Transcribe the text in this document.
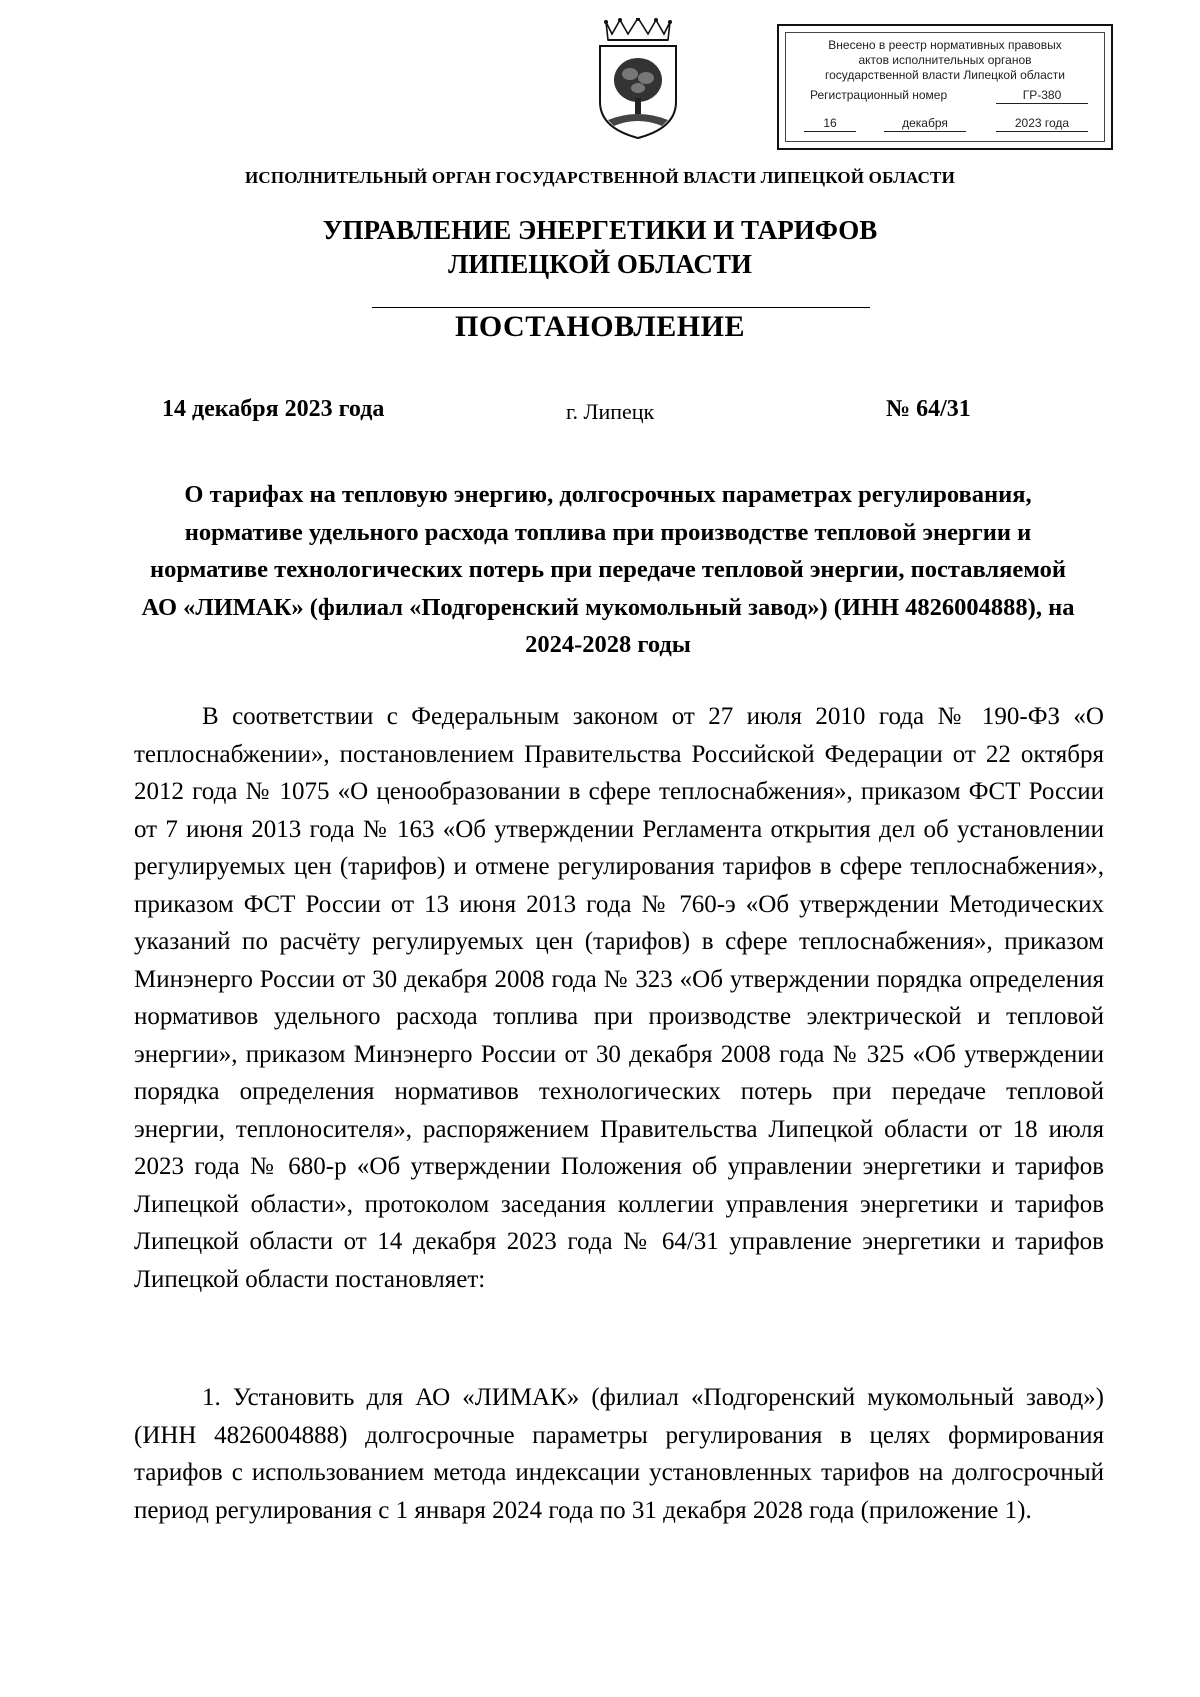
Внесено в реестр нормативных правовых
актов исполнительных органов
государственной власти Липецкой области
Регистрационный номер	ГР-380
16	декабря	2023 года
ИСПОЛНИТЕЛЬНЫЙ ОРГАН ГОСУДАРСТВЕННОЙ ВЛАСТИ ЛИПЕЦКОЙ ОБЛАСТИ
УПРАВЛЕНИЕ ЭНЕРГЕТИКИ И ТАРИФОВ
ЛИПЕЦКОЙ ОБЛАСТИ
ПОСТАНОВЛЕНИЕ
14 декабря 2023 года	г. Липецк	№ 64/31
О тарифах на тепловую энергию, долгосрочных параметрах регулирования, нормативе удельного расхода топлива при производстве тепловой энергии и нормативе технологических потерь при передаче тепловой энергии, поставляемой АО «ЛИМАК» (филиал «Подгоренский мукомольный завод») (ИНН 4826004888), на 2024-2028 годы

В соответствии с Федеральным законом от 27 июля 2010 года № 190-ФЗ «О теплоснабжении», постановлением Правительства Российской Федерации от 22 октября 2012 года № 1075 «О ценообразовании в сфере теплоснабжения», приказом ФСТ России от 7 июня 2013 года № 163 «Об утверждении Регламента открытия дел об установлении регулируемых цен (тарифов) и отмене регулирования тарифов в сфере теплоснабжения», приказом ФСТ России от 13 июня 2013 года № 760-э «Об утверждении Методических указаний по расчёту регулируемых цен (тарифов) в сфере теплоснабжения», приказом Минэнерго России от 30 декабря 2008 года № 323 «Об утверждении порядка определения нормативов удельного расхода топлива при производстве электрической и тепловой энергии», приказом Минэнерго России от 30 декабря 2008 года № 325 «Об утверждении порядка определения нормативов технологических потерь при передаче тепловой энергии, теплоносителя», распоряжением Правительства Липецкой области от 18 июля 2023 года № 680-р «Об утверждении Положения об управлении энергетики и тарифов Липецкой области», протоколом заседания коллегии управления энергетики и тарифов Липецкой области от 14 декабря 2023 года № 64/31 управление энергетики и тарифов Липецкой области постановляет:

1. Установить для АО «ЛИМАК» (филиал «Подгоренский мукомольный завод») (ИНН 4826004888) долгосрочные параметры регулирования в целях формирования тарифов с использованием метода индексации установленных тарифов на долгосрочный период регулирования с 1 января 2024 года по 31 декабря 2028 года (приложение 1).
